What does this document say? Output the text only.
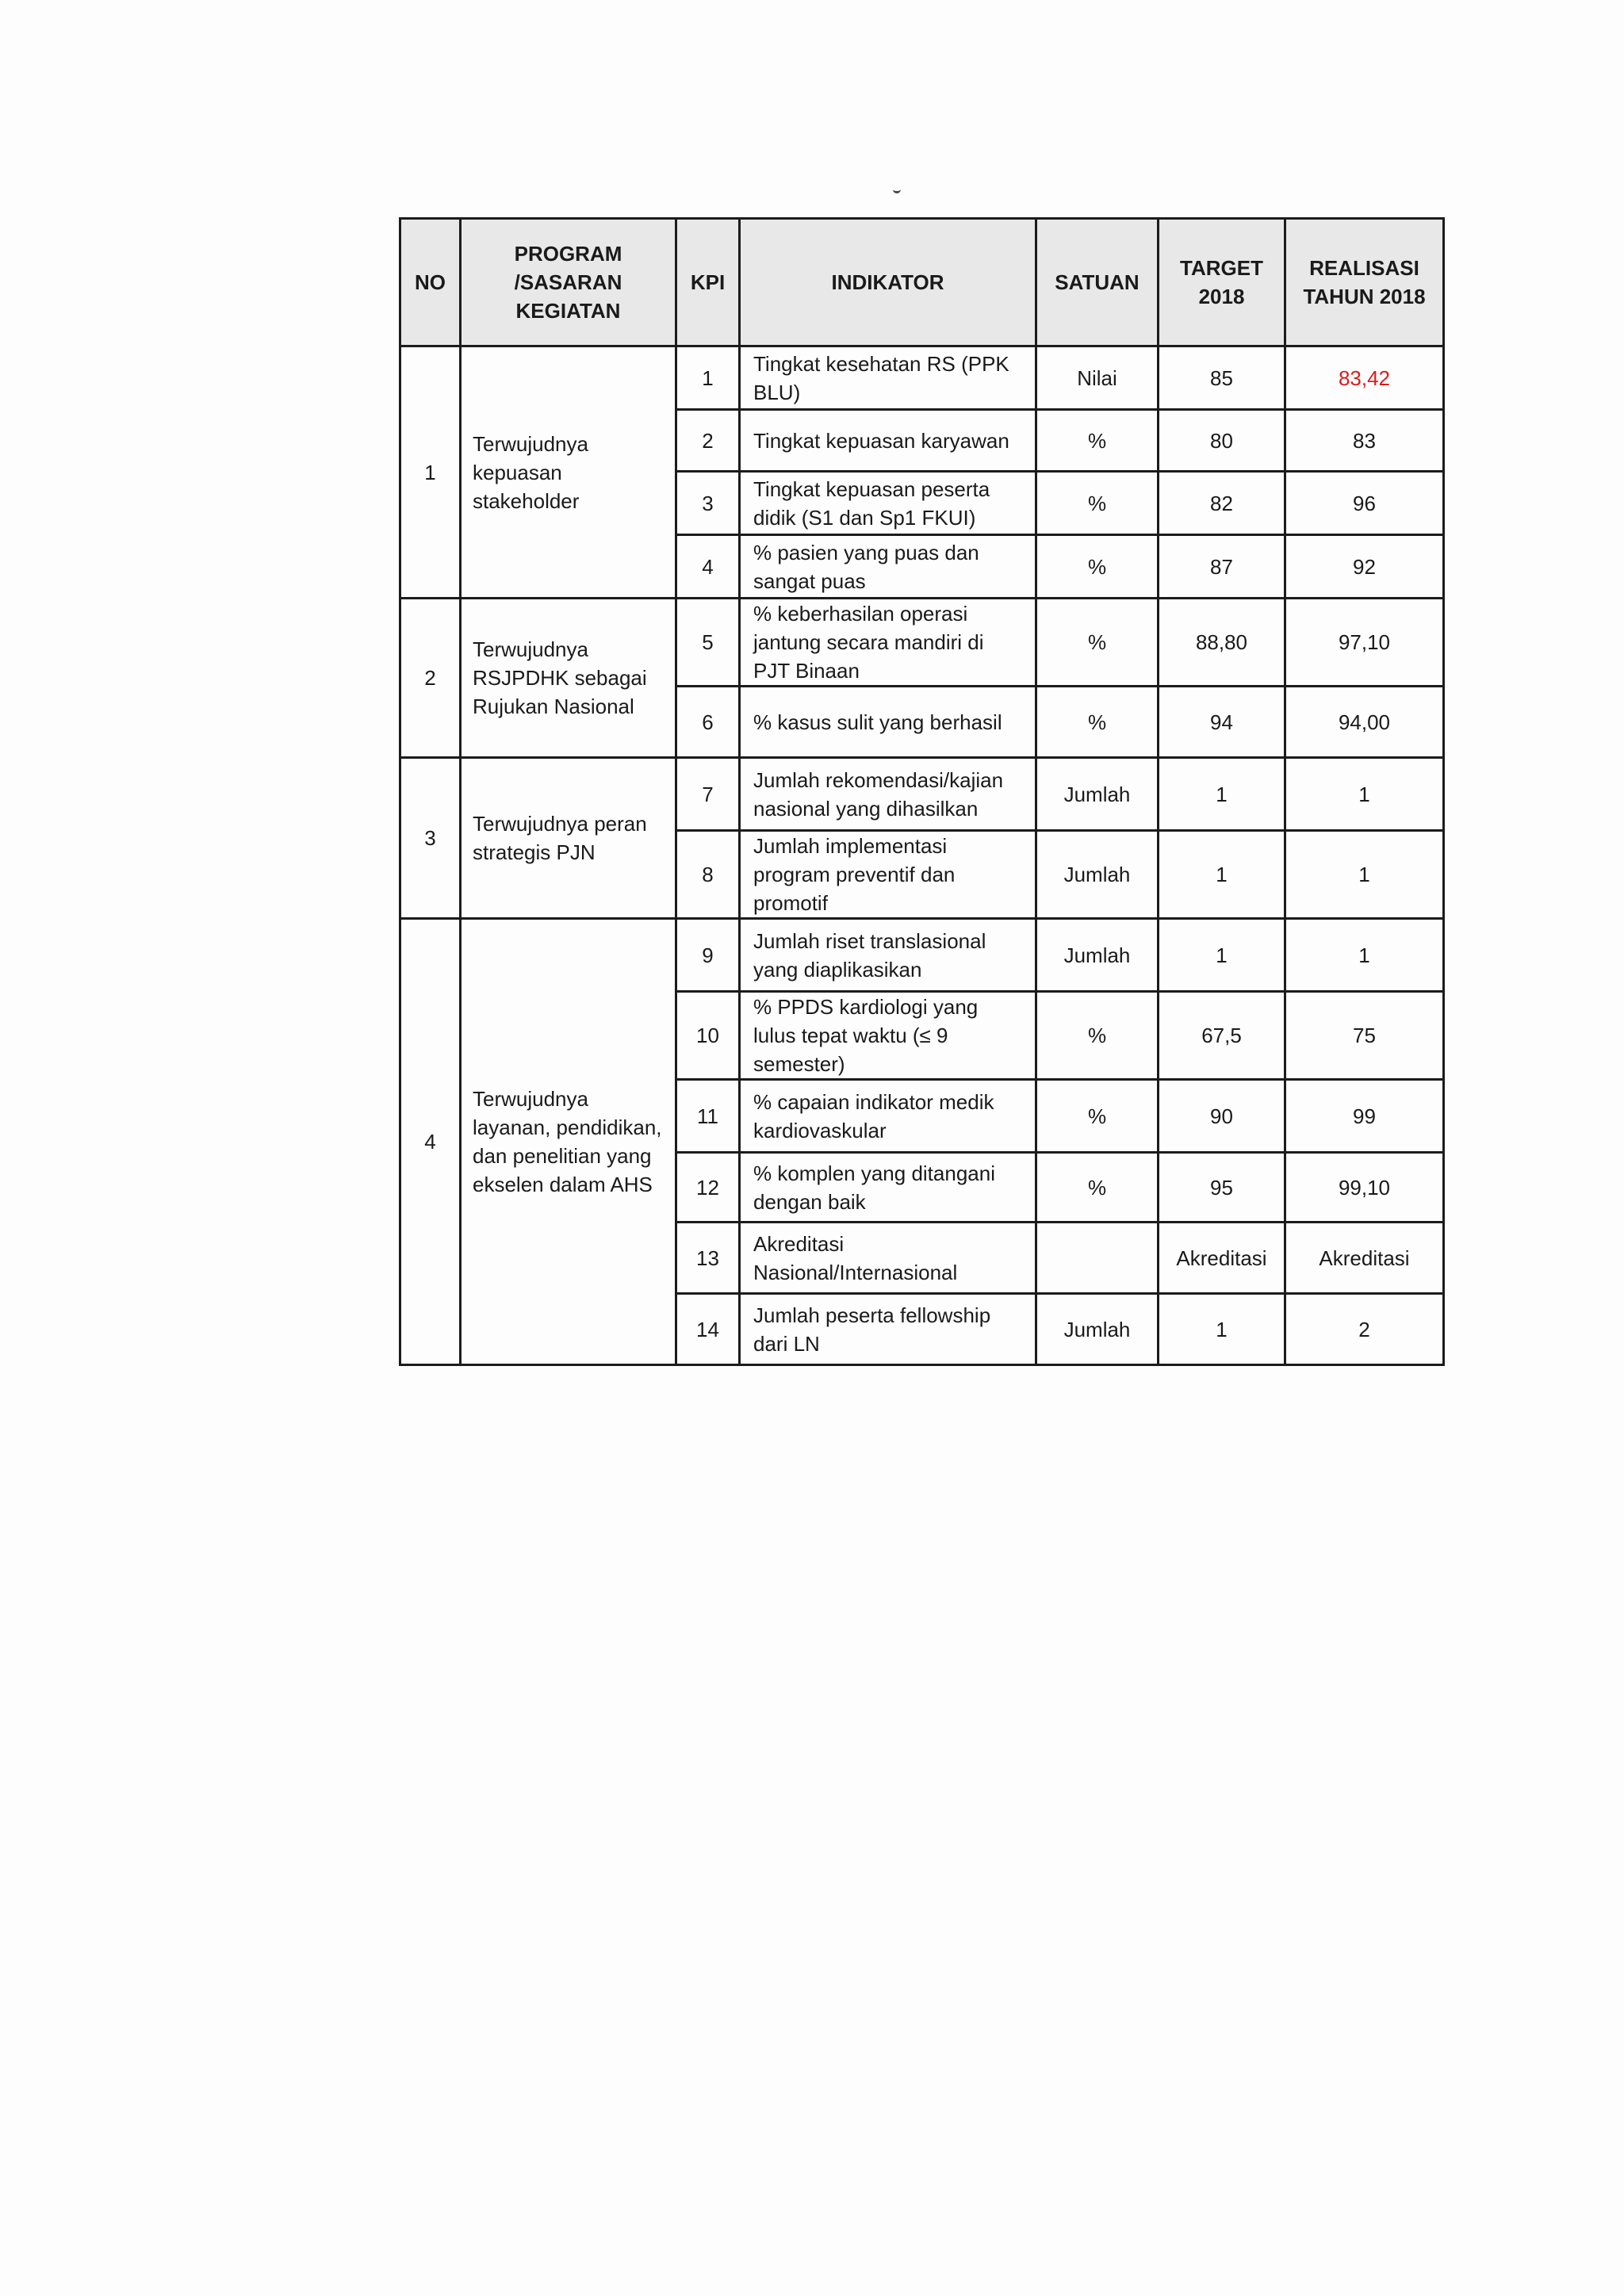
NO	PROGRAM /SASARAN KEGIATAN	KPI	INDIKATOR	SATUAN	TARGET 2018	REALISASI TAHUN 2018
1	Terwujudnya kepuasan stakeholder	1	Tingkat kesehatan RS (PPK BLU)	Nilai	85	83,42
		2	Tingkat kepuasan karyawan	%	80	83
		3	Tingkat kepuasan peserta didik (S1 dan Sp1 FKUI)	%	82	96
		4	% pasien yang puas dan sangat puas	%	87	92
2	Terwujudnya RSJPDHK sebagai Rujukan Nasional	5	% keberhasilan operasi jantung secara mandiri di PJT Binaan	%	88,80	97,10
		6	% kasus sulit yang berhasil	%	94	94,00
3	Terwujudnya peran strategis PJN	7	Jumlah rekomendasi/kajian nasional yang dihasilkan	Jumlah	1	1
		8	Jumlah implementasi program preventif dan promotif	Jumlah	1	1
4	Terwujudnya layanan, pendidikan, dan penelitian yang ekselen dalam AHS	9	Jumlah riset translasional yang diaplikasikan	Jumlah	1	1
		10	% PPDS kardiologi yang lulus tepat waktu (≤ 9 semester)	%	67,5	75
		11	% capaian indikator medik kardiovaskular	%	90	99
		12	% komplen yang ditangani dengan baik	%	95	99,10
		13	Akreditasi Nasional/Internasional		Akreditasi	Akreditasi
		14	Jumlah peserta fellowship dari LN	Jumlah	1	2
